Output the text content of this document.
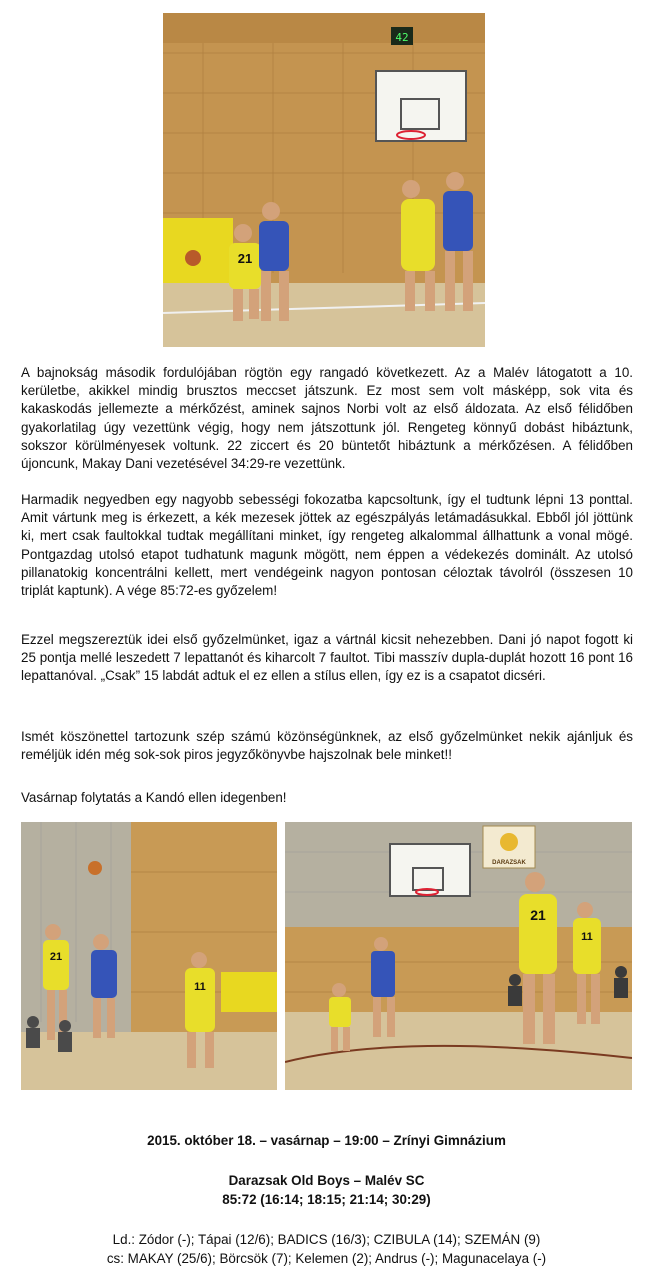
42
21

A bajnokság második fordulójában rögtön egy rangadó következett. Az a Malév látogatott a 10. kerületbe, akikkel mindig brusztos meccset játszunk. Ez most sem volt másképp, sok vita és kakaskodás jellemezte a mérkőzést, aminek sajnos Norbi volt az első áldozata. Az első félidőben gyakorlatilag úgy vezettünk végig, hogy nem játszottunk jól. Rengeteg könnyű dobást hibáztunk, sokszor körülményesek voltunk. 22 ziccert és 20 büntetőt hibáztunk a mérkőzésen. A félidőben újoncunk, Makay Dani vezetésével 34:29-re vezettünk.

Harmadik negyedben egy nagyobb sebességi fokozatba kapcsoltunk, így el tudtunk lépni 13 ponttal. Amit vártunk meg is érkezett, a kék mezesek jöttek az egészpályás letámadásukkal. Ebből jól jöttünk ki, mert csak faultokkal tudtak megállítani minket, így rengeteg alkalommal állhattunk a vonal mögé. Pontgazdag utolsó etapot tudhatunk magunk mögött, nem éppen a védekezés dominált. Az utolsó pillanatokig koncentrálni kellett, mert vendégeink nagyon pontosan céloztak távolról (összesen 10 triplát kaptunk). A vége 85:72-es győzelem!

Ezzel megszereztük idei első győzelmünket, igaz a vártnál kicsit nehezebben. Dani jó napot fogott ki 25 pontja mellé leszedett 7 lepattanót és kiharcolt 7 faultot. Tibi masszív dupla-duplát hozott 16 pont 16 lepattanóval. „Csak” 15 labdát adtuk el ez ellen a stílus ellen, így ez is a csapatot dicséri.

Ismét köszönettel tartozunk szép számú közönségünknek, az első győzelmünket nekik ajánljuk és reméljük idén még sok-sok piros jegyzőkönyvbe hajszolnak bele minket!!

Vasárnap folytatás a Kandó ellen idegenben!

21
11
DARAZSAK
21
11
2015. október 18. – vasárnap – 19:00 – Zrínyi Gimnázium
Darazsak Old Boys – Malév SC
85:72 (16:14; 18:15; 21:14; 30:29)
Ld.: Zódor (-); Tápai (12/6); BADICS (16/3); CZIBULA (14); SZEMÁN (9)
cs: MAKAY (25/6); Börcsök (7); Kelemen (2); Andrus (-); Magunacelaya (-)
